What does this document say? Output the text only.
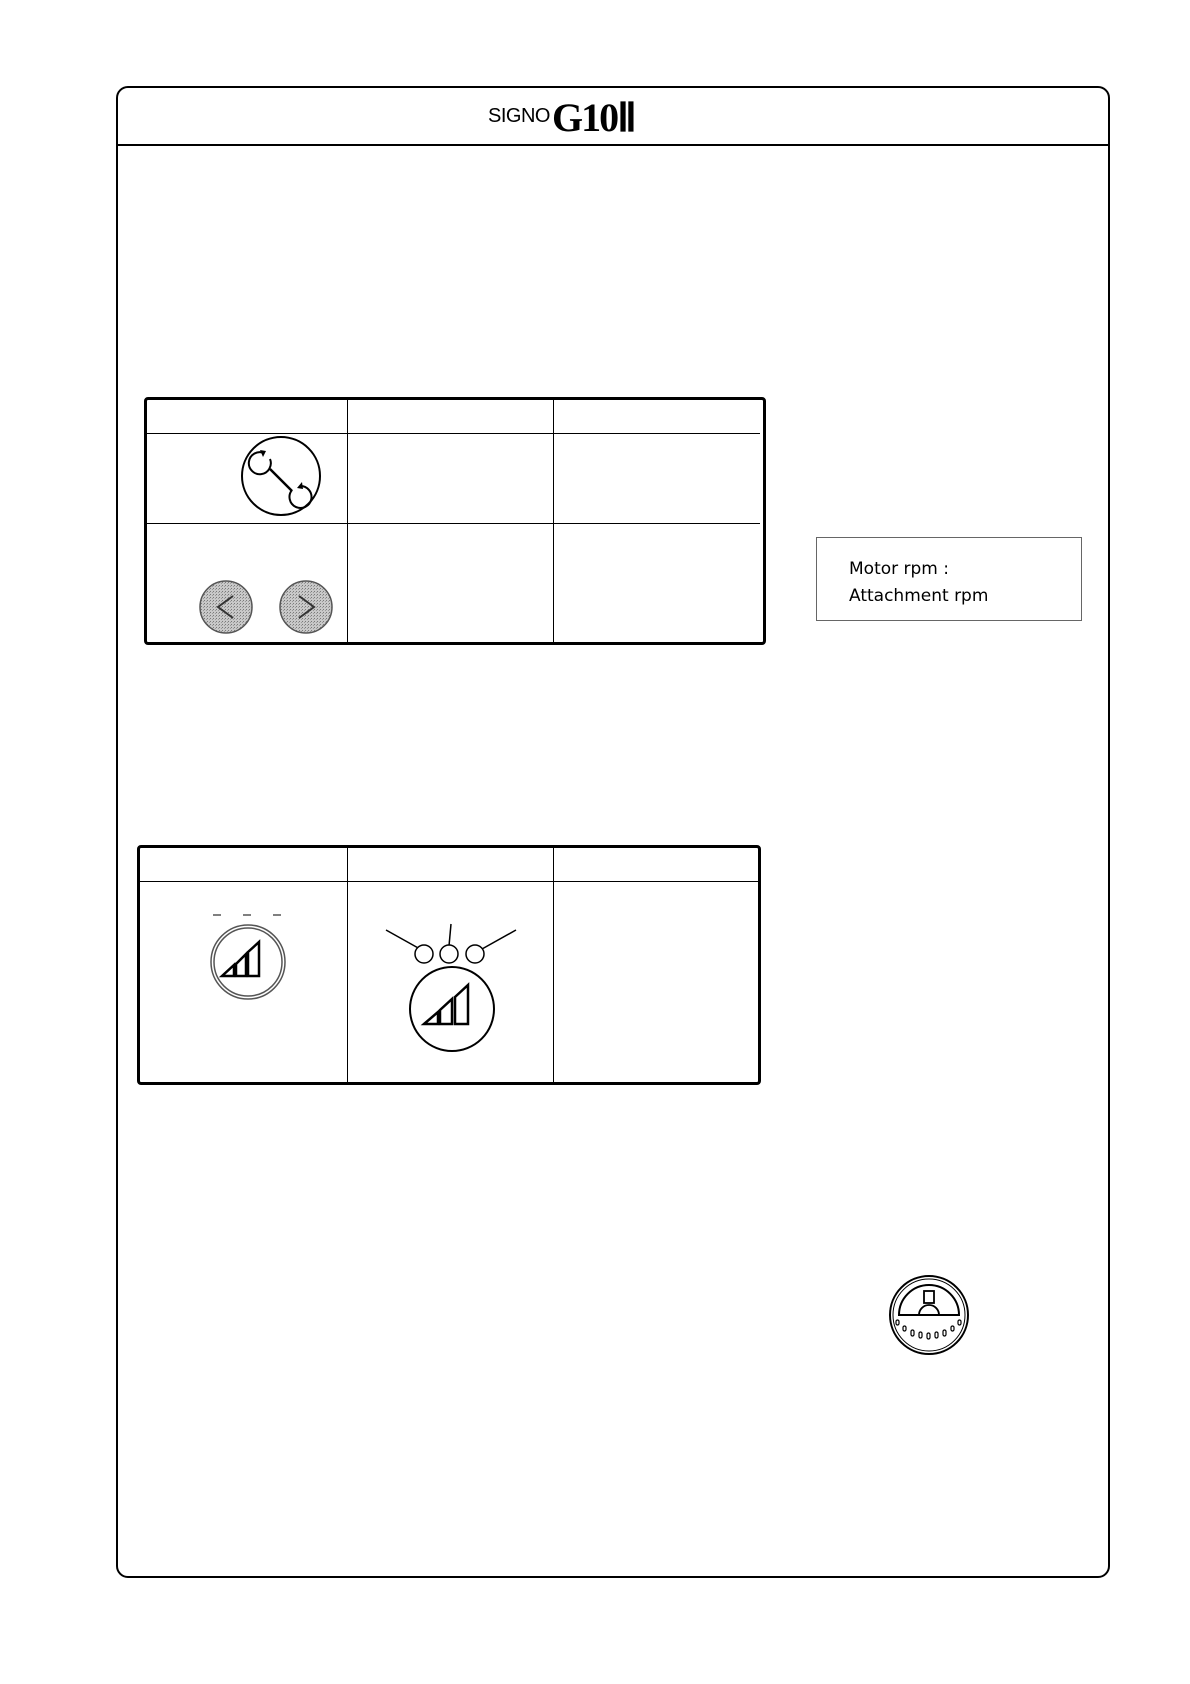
SIGNO G10Ⅱ
Motor rpm :
Attachment rpm
